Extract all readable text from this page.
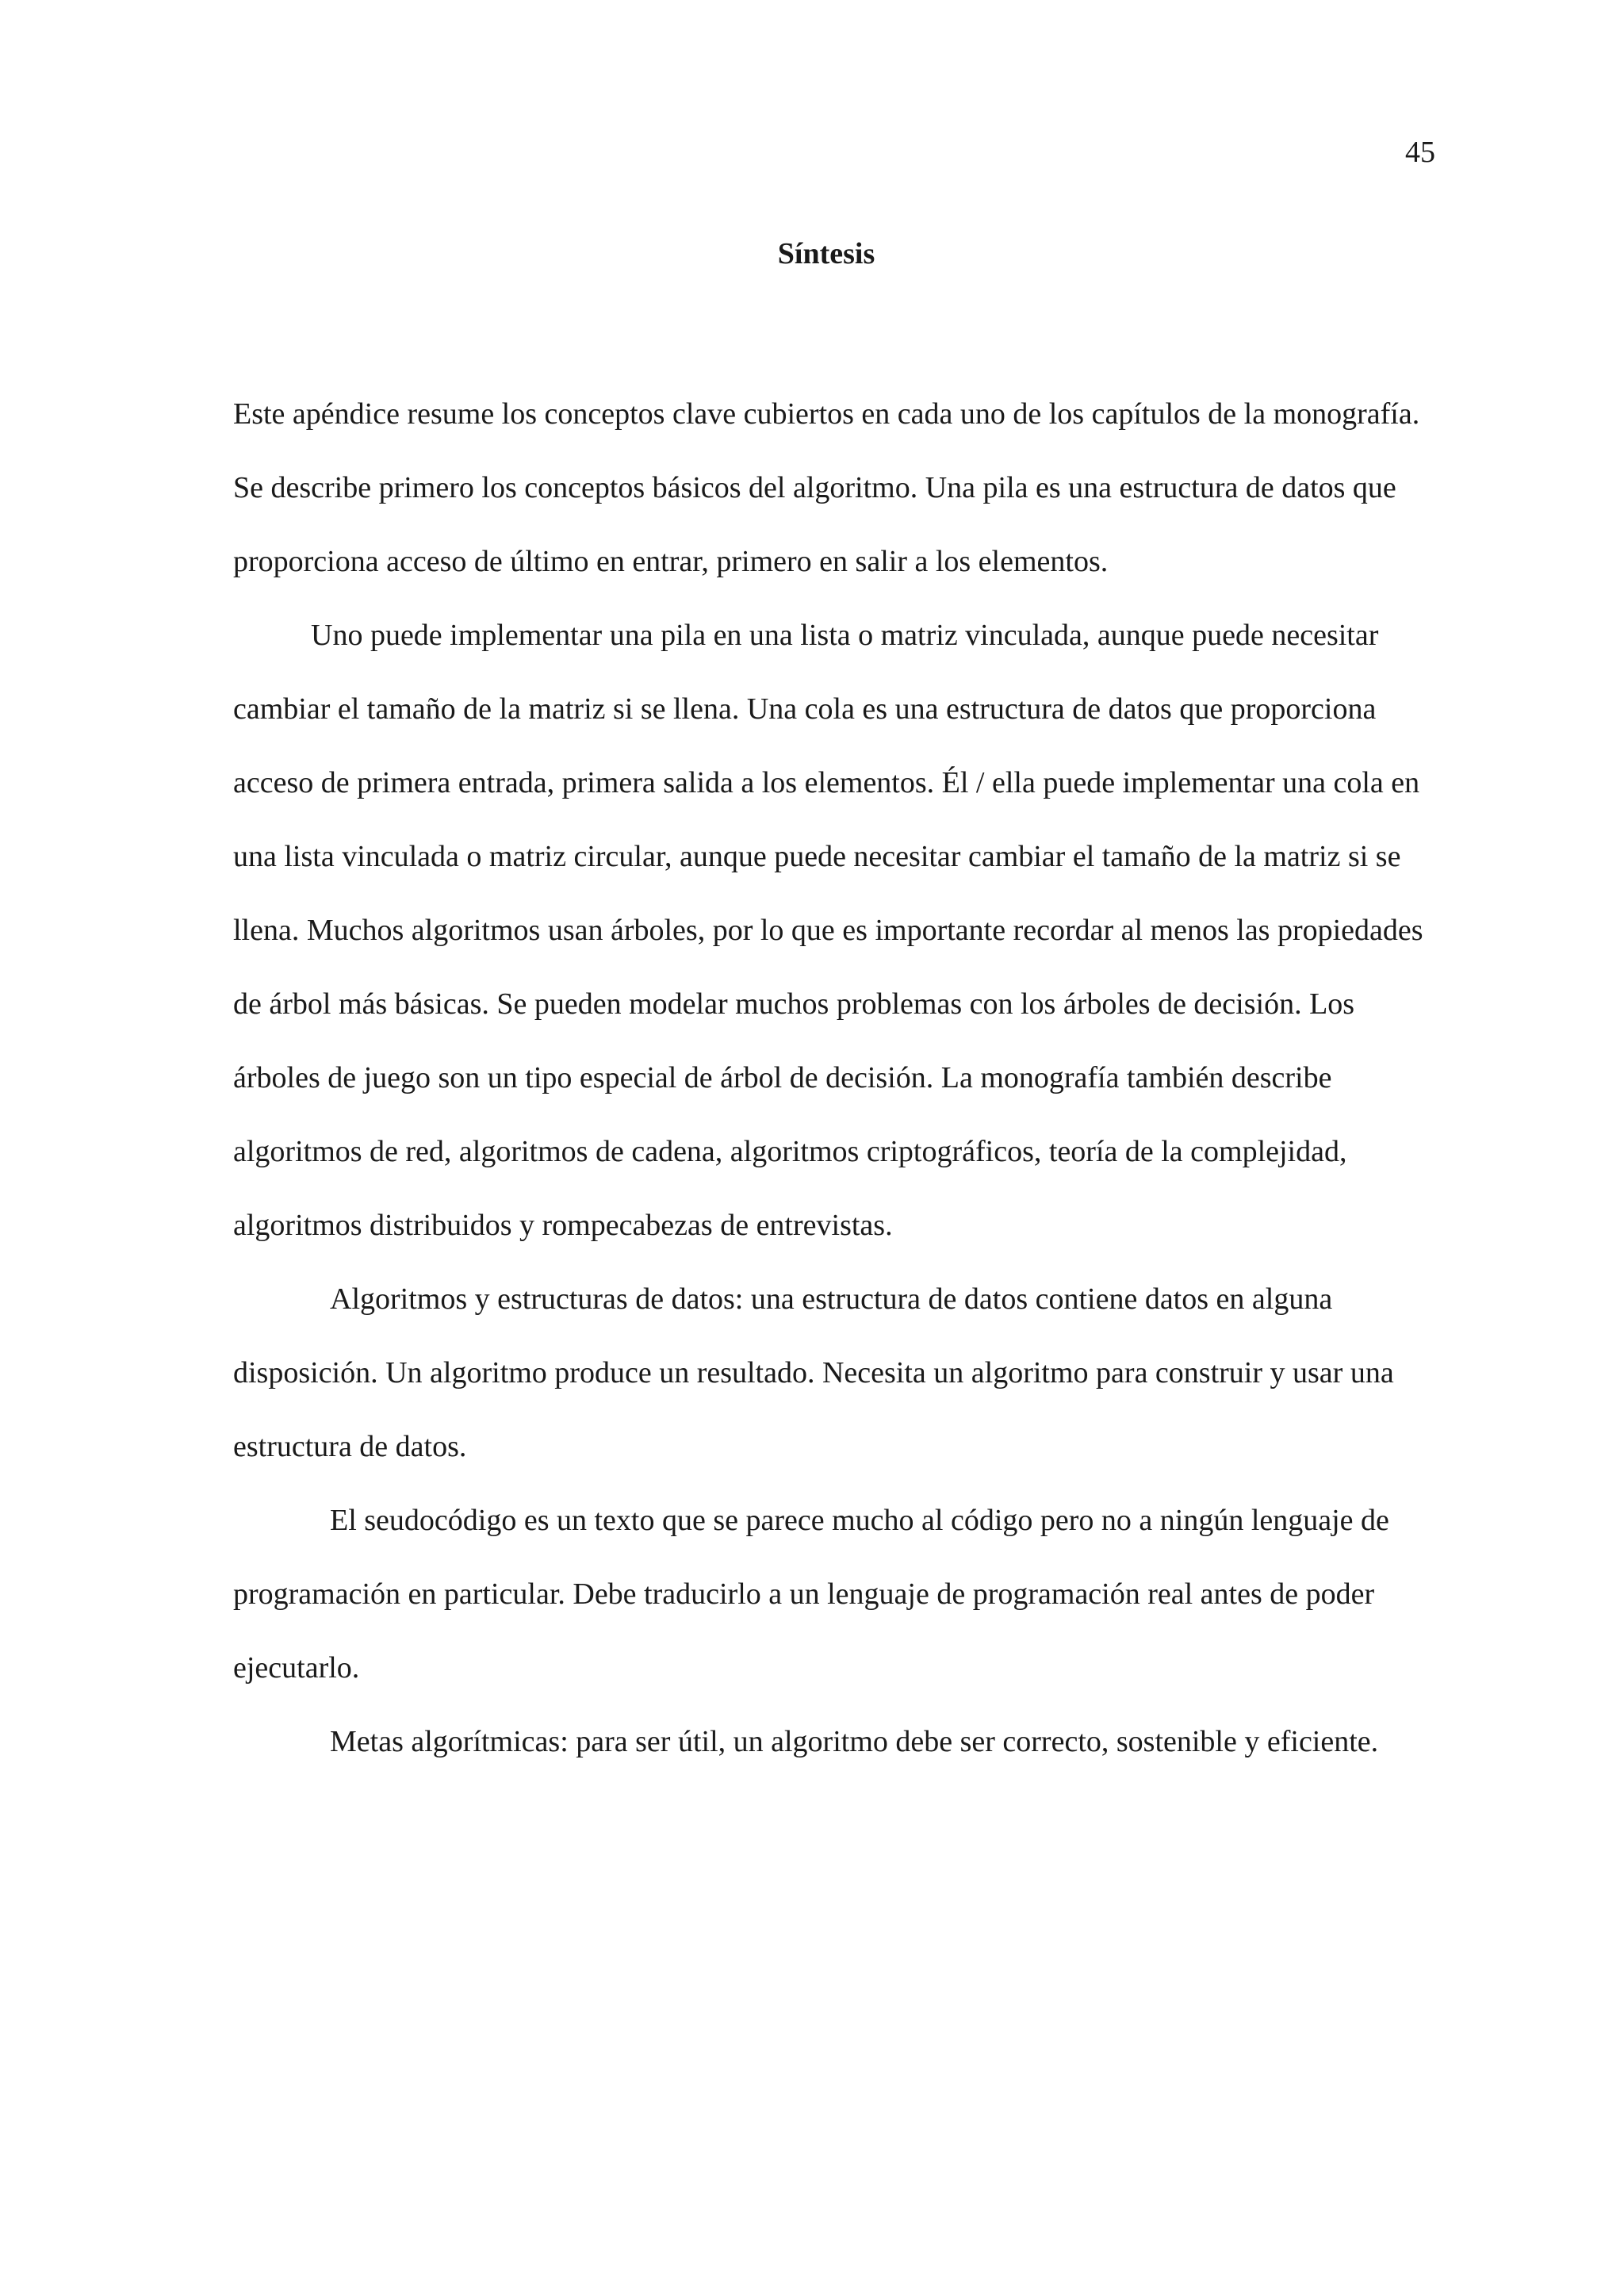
45

Síntesis

Este apéndice resume los conceptos clave cubiertos en cada uno de los capítulos de la monografía. Se describe primero los conceptos básicos del algoritmo. Una pila es una estructura de datos que proporciona acceso de último en entrar, primero en salir a los elementos.

Uno puede implementar una pila en una lista o matriz vinculada, aunque puede necesitar cambiar el tamaño de la matriz si se llena. Una cola es una estructura de datos que proporciona acceso de primera entrada, primera salida a los elementos. Él / ella puede implementar una cola en una lista vinculada o matriz circular, aunque puede necesitar cambiar el tamaño de la matriz si se llena. Muchos algoritmos usan árboles, por lo que es importante recordar al menos las propiedades de árbol más básicas. Se pueden modelar muchos problemas con los árboles de decisión. Los árboles de juego son un tipo especial de árbol de decisión. La monografía también describe algoritmos de red, algoritmos de cadena, algoritmos criptográficos, teoría de la complejidad, algoritmos distribuidos y rompecabezas de entrevistas.

Algoritmos y estructuras de datos: una estructura de datos contiene datos en alguna disposición. Un algoritmo produce un resultado. Necesita un algoritmo para construir y usar una estructura de datos.

El seudocódigo es un texto que se parece mucho al código pero no a ningún lenguaje de programación en particular. Debe traducirlo a un lenguaje de programación real antes de poder ejecutarlo.

Metas algorítmicas: para ser útil, un algoritmo debe ser correcto, sostenible y eficiente.
